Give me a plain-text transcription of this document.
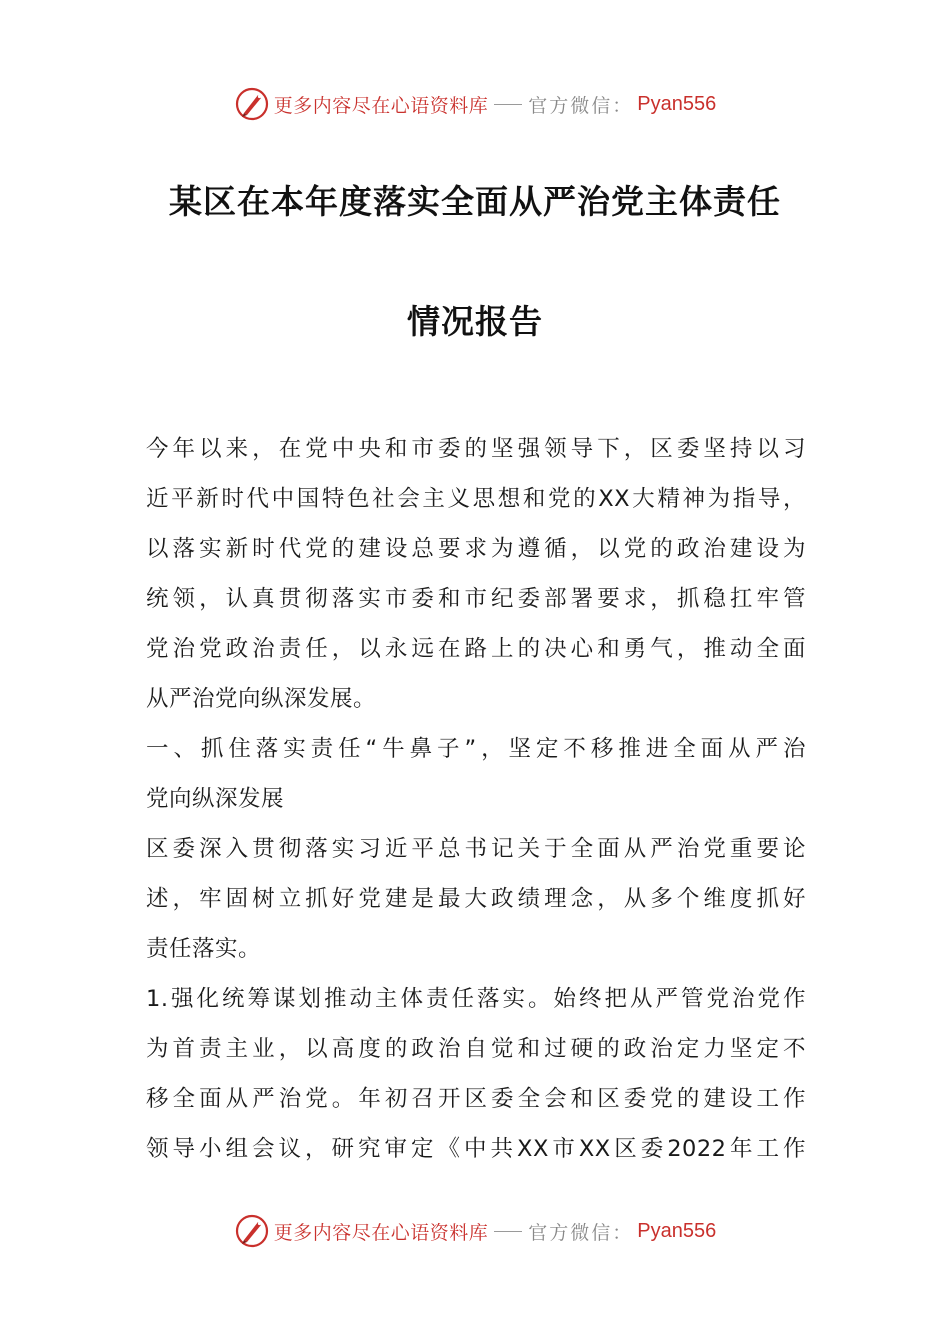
更多内容尽在心语资料库 官方微信： Pyan556
某区在本年度落实全面从严治党主体责任
情况报告
今年以来，在党中央和市委的坚强领导下，区委坚持以习
近平新时代中国特色社会主义思想和党的XX大精神为指导，
以落实新时代党的建设总要求为遵循，以党的政治建设为
统领，认真贯彻落实市委和市纪委部署要求，抓稳扛牢管
党治党政治责任，以永远在路上的决心和勇气，推动全面
从严治党向纵深发展。
一、抓住落实责任“牛鼻子”，坚定不移推进全面从严治
党向纵深发展
区委深入贯彻落实习近平总书记关于全面从严治党重要论
述，牢固树立抓好党建是最大政绩理念，从多个维度抓好
责任落实。
1.强化统筹谋划推动主体责任落实。始终把从严管党治党作
为首责主业，以高度的政治自觉和过硬的政治定力坚定不
移全面从严治党。年初召开区委全会和区委党的建设工作
领导小组会议，研究审定《中共XX市XX区委2022年工作
更多内容尽在心语资料库 官方微信： Pyan556
